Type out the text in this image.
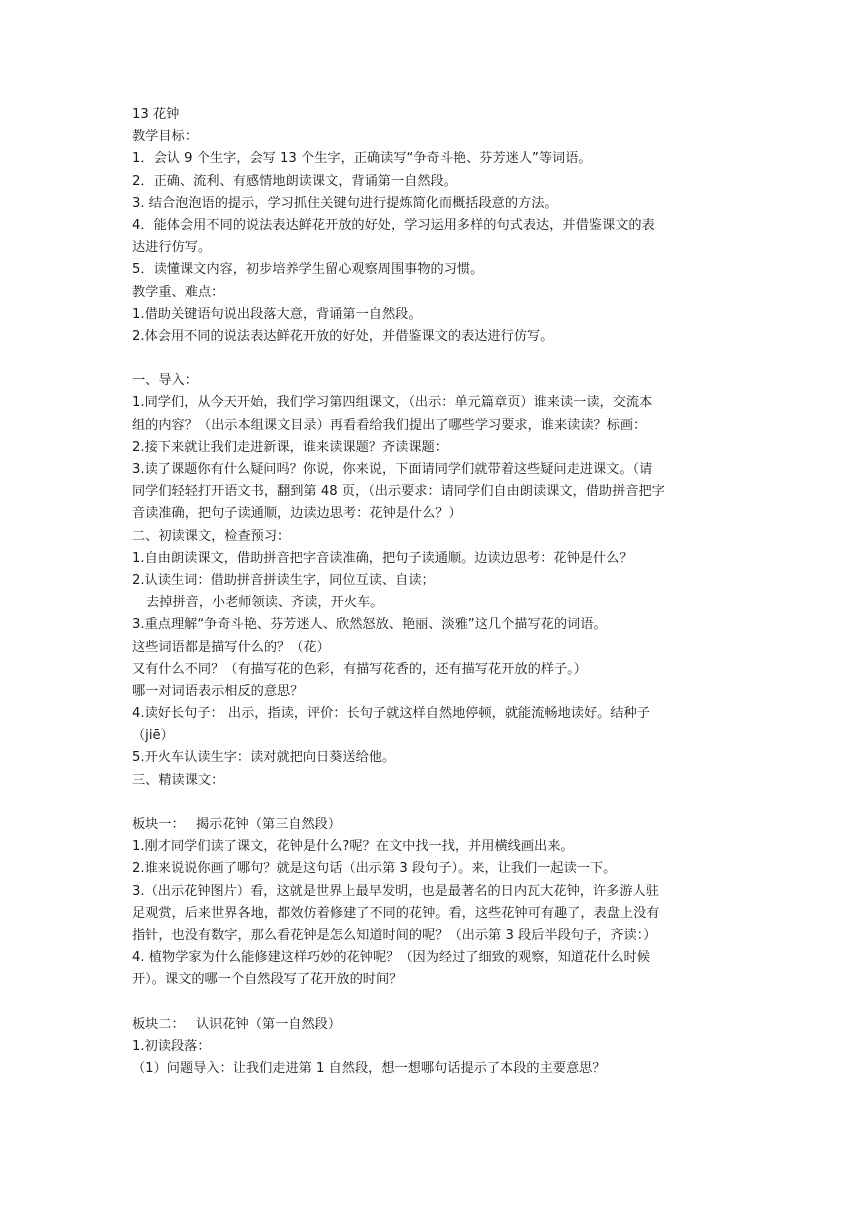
13 花钟
教学目标：
1．会认 9 个生字，会写 13 个生字，正确读写“争奇斗艳、芬芳迷人”等词语。
2．正确、流利、有感情地朗读课文，背诵第一自然段。
3. 结合泡泡语的提示，学习抓住关键句进行提炼简化而概括段意的方法。
4．能体会用不同的说法表达鲜花开放的好处，学习运用多样的句式表达，并借鉴课文的表
达进行仿写。
5．读懂课文内容，初步培养学生留心观察周围事物的习惯。
教学重、难点：
1.借助关键语句说出段落大意，背诵第一自然段。
2.体会用不同的说法表达鲜花开放的好处，并借鉴课文的表达进行仿写。
一、导入：
1.同学们，从今天开始，我们学习第四组课文，（出示：单元篇章页）谁来读一读，交流本
组的内容？（出示本组课文目录）再看看给我们提出了哪些学习要求，谁来读读？标画：
2.接下来就让我们走进新课，谁来读课题？齐读课题：
3.读了课题你有什么疑问吗？你说，你来说，下面请同学们就带着这些疑问走进课文。（请
同学们轻轻打开语文书，翻到第 48 页，（出示要求：请同学们自由朗读课文，借助拼音把字
音读准确，把句子读通顺，边读边思考：花钟是什么？）
二、初读课文，检查预习：
1.自由朗读课文，借助拼音把字音读准确，把句子读通顺。边读边思考：花钟是什么？
2.认读生词：借助拼音拼读生字，同位互读、自读；
去掉拼音，小老师领读、齐读，开火车。
3.重点理解“争奇斗艳、芬芳迷人、欣然怒放、艳丽、淡雅”这几个描写花的词语。
这些词语都是描写什么的？（花）
又有什么不同？（有描写花的色彩，有描写花香的，还有描写花开放的样子。）
哪一对词语表示相反的意思？
4.读好长句子： 出示，指读，评价：长句子就这样自然地停顿，就能流畅地读好。结种子
（jiē）
5.开火车认读生字：读对就把向日葵送给他。
三、精读课文：
板块一： 揭示花钟（第三自然段）
1.刚才同学们读了课文，花钟是什么?呢？在文中找一找，并用横线画出来。
2.谁来说说你画了哪句？就是这句话（出示第 3 段句子）。来，让我们一起读一下。
3.（出示花钟图片）看，这就是世界上最早发明，也是最著名的日内瓦大花钟，许多游人驻
足观赏，后来世界各地，都效仿着修建了不同的花钟。看，这些花钟可有趣了，表盘上没有
指针，也没有数字，那么看花钟是怎么知道时间的呢？（出示第 3 段后半段句子，齐读：）
4. 植物学家为什么能修建这样巧妙的花钟呢？（因为经过了细致的观察，知道花什么时候
开）。课文的哪一个自然段写了花开放的时间？
板块二： 认识花钟（第一自然段）
1.初读段落：
（1）问题导入：让我们走进第 1 自然段，想一想哪句话提示了本段的主要意思？
